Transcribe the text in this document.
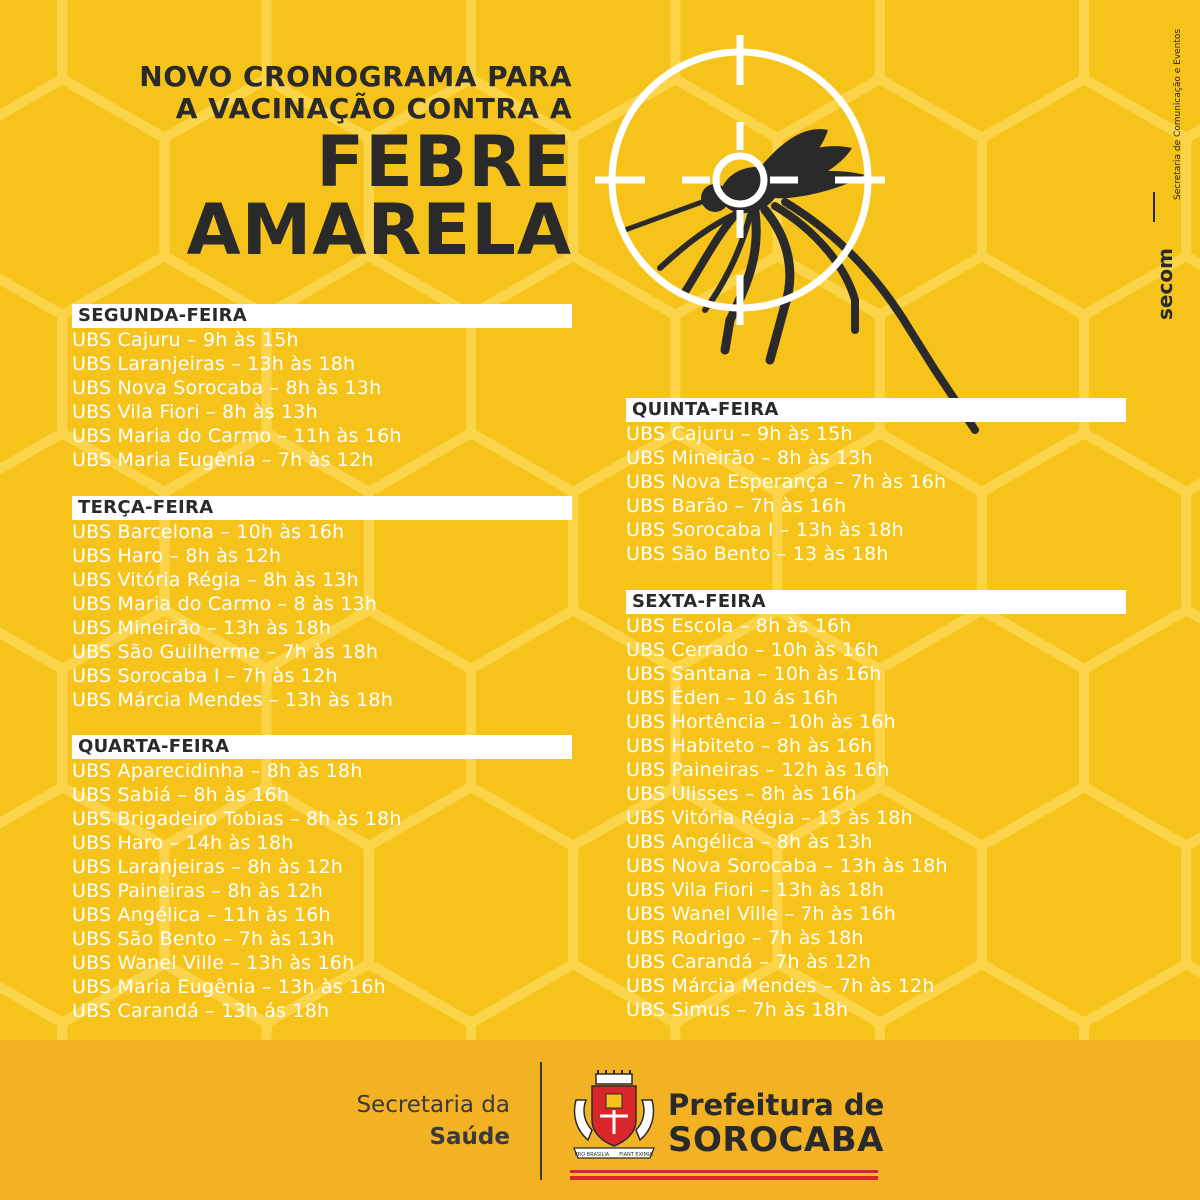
NOVO CRONOGRAMA PARA
A VACINAÇÃO CONTRA A
FEBRE
AMARELA
secom
Secretaria de Comunicação e Eventos
SEGUNDA-FEIRA
UBS Cajuru – 9h às 15h
UBS Laranjeiras – 13h às 18h
UBS Nova Sorocaba – 8h às 13h
UBS Vila Fiori – 8h às 13h
UBS Maria do Carmo – 11h às 16h
UBS Maria Eugênia – 7h às 12h
TERÇA-FEIRA
UBS Barcelona – 10h às 16h
UBS Haro – 8h às 12h
UBS Vitória Régia – 8h às 13h
UBS Maria do Carmo – 8 às 13h
UBS Mineirão – 13h às 18h
UBS São Guilherme – 7h às 18h
UBS Sorocaba I – 7h às 12h
UBS Márcia Mendes – 13h às 18h
QUARTA-FEIRA
UBS Aparecidinha – 8h às 18h
UBS Sabiá – 8h às 16h
UBS Brigadeiro Tobias – 8h às 18h
UBS Haro – 14h às 18h
UBS Laranjeiras – 8h às 12h
UBS Paineiras – 8h às 12h
UBS Angélica – 11h às 16h
UBS São Bento – 7h às 13h
UBS Wanel Ville – 13h às 16h
UBS Maria Eugênia – 13h às 16h
UBS Carandá – 13h ás 18h
QUINTA-FEIRA
UBS Cajuru – 9h às 15h
UBS Mineirão – 8h às 13h
UBS Nova Esperança – 7h às 16h
UBS Barão – 7h às 16h
UBS Sorocaba I – 13h às 18h
UBS São Bento – 13 às 18h
SEXTA-FEIRA
UBS Escola – 8h às 16h
UBS Cerrado – 10h às 16h
UBS Santana – 10h às 16h
UBS Éden – 10 ás 16h
UBS Hortência – 10h às 16h
UBS Habiteto – 8h às 16h
UBS Paineiras – 12h às 16h
UBS Ulisses – 8h às 16h
UBS Vitória Régia – 13 às 18h
UBS Angélica – 8h às 13h
UBS Nova Sorocaba – 13h às 18h
UBS Vila Fiori – 13h às 18h
UBS Wanel Ville – 7h às 16h
UBS Rodrigo – 7h às 18h
UBS Carandá – 7h às 12h
UBS Márcia Mendes – 7h às 12h
UBS Simus – 7h às 18h
Secretaria da
Saúde
PRO BRASILIA FIANT EXIMIA
Prefeitura de
SOROCABA
